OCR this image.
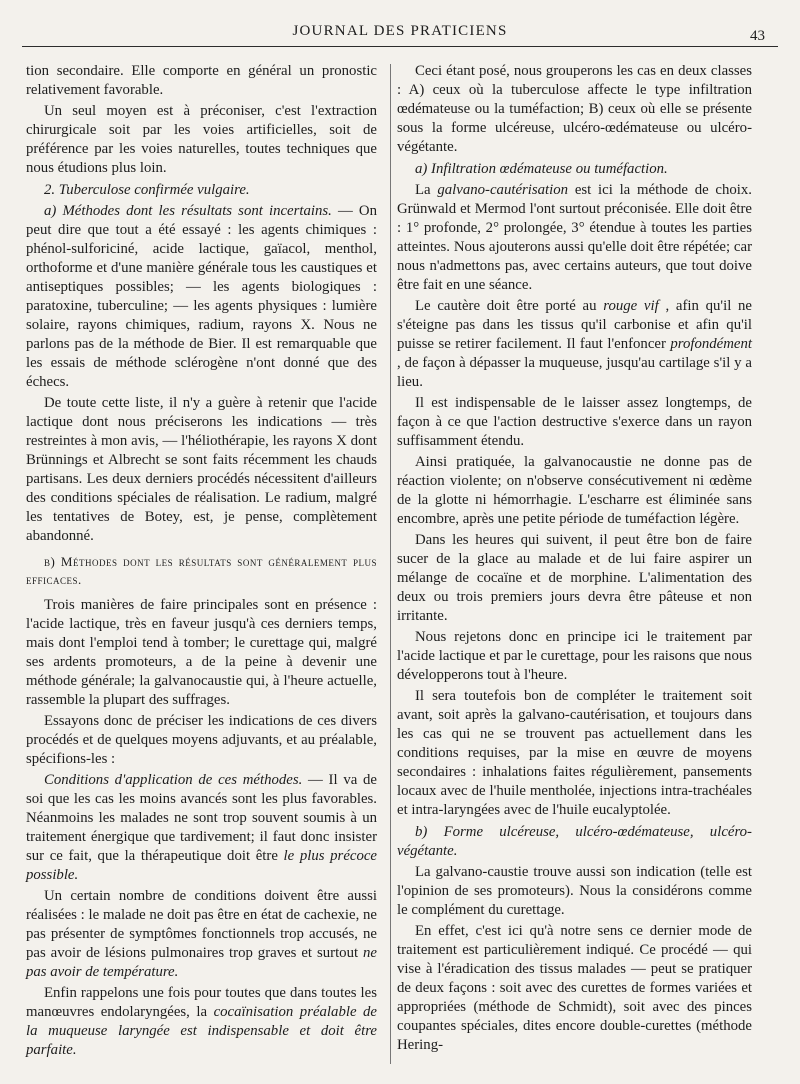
JOURNAL DES PRATICIENS	43

tion secondaire. Elle comporte en général un pronostic relativement favorable.

Un seul moyen est à préconiser, c'est l'extraction chirurgicale soit par les voies artificielles, soit de préférence par les voies naturelles, toutes techniques que nous étudions plus loin.

2. Tuberculose confirmée vulgaire.

a) Méthodes dont les résultats sont incertains. — On peut dire que tout a été essayé : les agents chimiques : phénol-sulforiciné, acide lactique, gaïacol, menthol, orthoforme et d'une manière générale tous les caustiques et antiseptiques possibles; — les agents biologiques : paratoxine, tuberculine; — les agents physiques : lumière solaire, rayons chimiques, radium, rayons X. Nous ne parlons pas de la méthode de Bier. Il est remarquable que les essais de méthode sclérogène n'ont donné que des échecs.

De toute cette liste, il n'y a guère à retenir que l'acide lactique dont nous préciserons les indications — très restreintes à mon avis, — l'héliothérapie, les rayons X dont Brünnings et Albrecht se sont faits récemment les chauds partisans. Les deux derniers procédés nécessitent d'ailleurs des conditions spéciales de réalisation. Le radium, malgré les tentatives de Botey, est, je pense, complètement abandonné.

b) Méthodes dont les résultats sont généralement plus efficaces.

Trois manières de faire principales sont en présence : l'acide lactique, très en faveur jusqu'à ces derniers temps, mais dont l'emploi tend à tomber; le curettage qui, malgré ses ardents promoteurs, a de la peine à devenir une méthode générale; la galvanocaustie qui, à l'heure actuelle, rassemble la plupart des suffrages.

Essayons donc de préciser les indications de ces divers procédés et de quelques moyens adjuvants, et au préalable, spécifions-les :

Conditions d'application de ces méthodes. — Il va de soi que les cas les moins avancés sont les plus favorables. Néanmoins les malades ne sont trop souvent soumis à un traitement énergique que tardivement; il faut donc insister sur ce fait, que la thérapeutique doit être le plus précoce possible.

Un certain nombre de conditions doivent être aussi réalisées : le malade ne doit pas être en état de cachexie, ne pas présenter de symptômes fonctionnels trop accusés, ne pas avoir de lésions pulmonaires trop graves et surtout ne pas avoir de température.

Enfin rappelons une fois pour toutes que dans toutes les manœuvres endolaryngées, la cocaïnisation préalable de la muqueuse laryngée est indispensable et doit être parfaite.

Ceci étant posé, nous grouperons les cas en deux classes : A) ceux où la tuberculose affecte le type infiltration œdémateuse ou la tuméfaction; B) ceux où elle se présente sous la forme ulcéreuse, ulcéro-œdémateuse ou ulcéro-végétante.

a) Infiltration œdémateuse ou tuméfaction.

La galvano-cautérisation est ici la méthode de choix. Grünwald et Mermod l'ont surtout préconisée. Elle doit être : 1° profonde, 2° prolongée, 3° étendue à toutes les parties atteintes. Nous ajouterons aussi qu'elle doit être répétée; car nous n'admettons pas, avec certains auteurs, que tout doive être fait en une séance.

Le cautère doit être porté au rouge vif , afin qu'il ne s'éteigne pas dans les tissus qu'il carbonise et afin qu'il puisse se retirer facilement. Il faut l'enfoncer profondément , de façon à dépasser la muqueuse, jusqu'au cartilage s'il y a lieu.

Il est indispensable de le laisser assez longtemps, de façon à ce que l'action destructive s'exerce dans un rayon suffisamment étendu.

Ainsi pratiquée, la galvanocaustie ne donne pas de réaction violente; on n'observe consécutivement ni œdème de la glotte ni hémorrhagie. L'escharre est éliminée sans encombre, après une petite période de tuméfaction légère.

Dans les heures qui suivent, il peut être bon de faire sucer de la glace au malade et de lui faire aspirer un mélange de cocaïne et de morphine. L'alimentation des deux ou trois premiers jours devra être pâteuse et non irritante.

Nous rejetons donc en principe ici le traitement par l'acide lactique et par le curettage, pour les raisons que nous développerons tout à l'heure.

Il sera toutefois bon de compléter le traitement soit avant, soit après la galvano-cautérisation, et toujours dans les cas qui ne se trouvent pas actuellement dans les conditions requises, par la mise en œuvre de moyens secondaires : inhalations faites régulièrement, pansements locaux avec de l'huile mentholée, injections intra-trachéales et intra-laryngées avec de l'huile eucalyptolée.

b) Forme ulcéreuse, ulcéro-œdémateuse, ulcéro-végétante.

La galvano-caustie trouve aussi son indication (telle est l'opinion de ses promoteurs). Nous la considérons comme le complément du curettage.

En effet, c'est ici qu'à notre sens ce dernier mode de traitement est particulièrement indiqué. Ce procédé — qui vise à l'éradication des tissus malades — peut se pratiquer de deux façons : soit avec des curettes de formes variées et appropriées (méthode de Schmidt), soit avec des pinces coupantes spéciales, dites encore double-curettes (méthode Hering-
